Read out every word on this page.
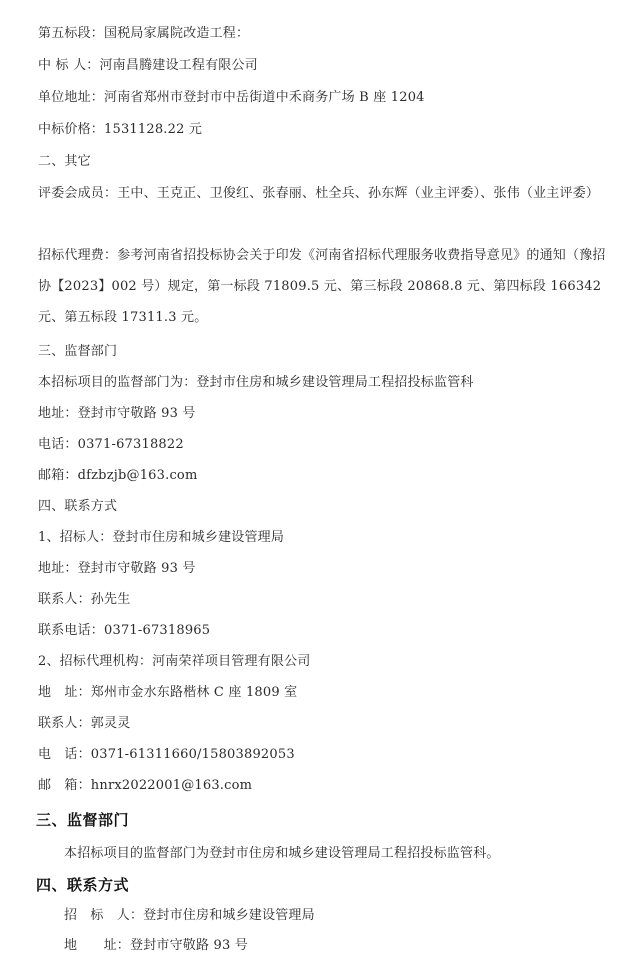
第五标段：国税局家属院改造工程：
中 标 人：河南昌腾建设工程有限公司
单位地址：河南省郑州市登封市中岳街道中禾商务广场 B 座 1204
中标价格：1531128.22 元
二、其它
评委会成员：王中、王克正、卫俊红、张春丽、杜全兵、孙东辉（业主评委）、张伟（业主评委）
招标代理费：参考河南省招投标协会关于印发《河南省招标代理服务收费指导意见》的通知（豫招协【2023】002 号）规定，第一标段 71809.5 元、第三标段 20868.8 元、第四标段 166342 元、第五标段 17311.3 元。
三、监督部门
本招标项目的监督部门为：登封市住房和城乡建设管理局工程招投标监管科
地址：登封市守敬路 93 号
电话：0371-67318822
邮箱：dfzbzjb@163.com
四、联系方式
1、招标人：登封市住房和城乡建设管理局
地址：登封市守敬路 93 号
联系人：孙先生
联系电话：0371-67318965
2、招标代理机构：河南荣祥项目管理有限公司
地　址：郑州市金水东路楷林 C 座 1809 室
联系人：郭灵灵
电　话：0371-61311660/15803892053
邮　箱：hnrx2022001@163.com
三、监督部门
本招标项目的监督部门为登封市住房和城乡建设管理局工程招投标监管科。
四、联系方式
招　标　人：登封市住房和城乡建设管理局
地　　址：登封市守敬路 93 号
